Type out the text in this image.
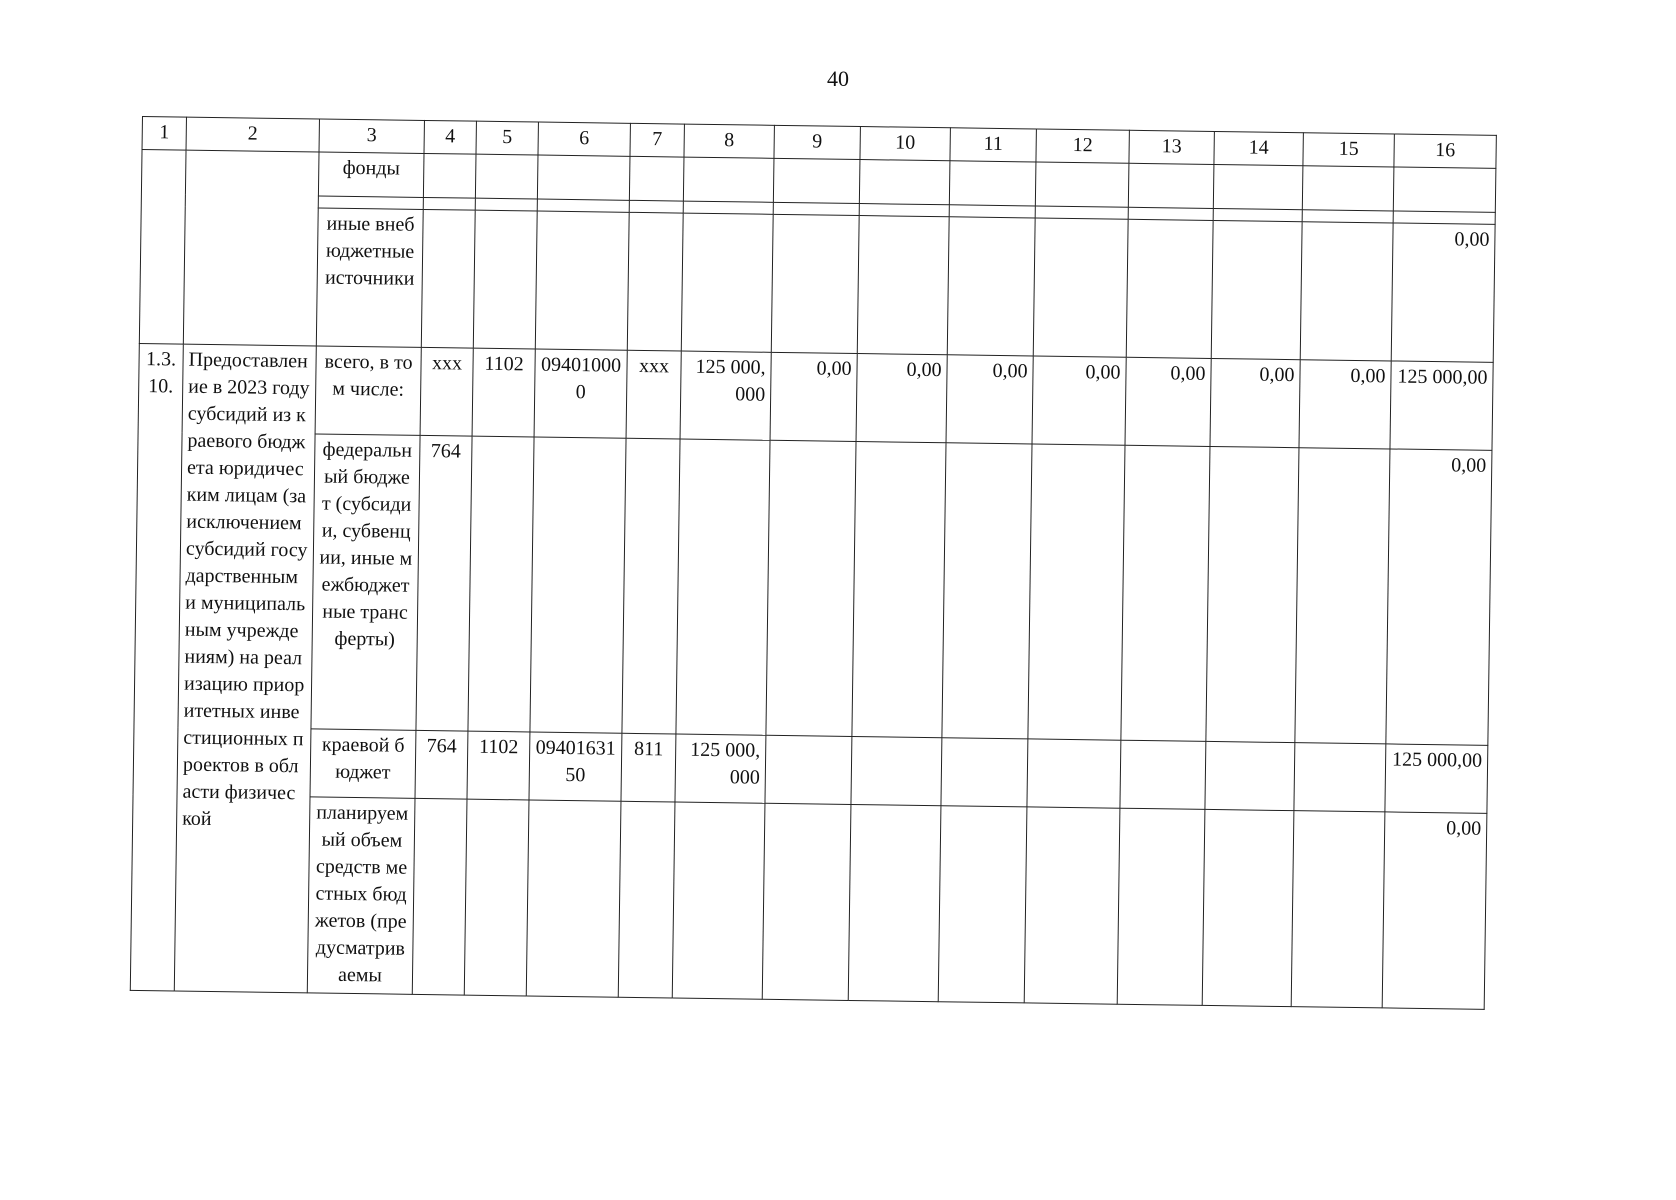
40
1	2	3	4	5	6	7	8	9	10	11	12	13	14	15	16
		фонды													

		иные внебюджетные источники													0,00
1.3.10.	Предоставление в 2023 году субсидий из краевого бюджета юридическим лицам (за исключением субсидий государственным и муниципальным учреждениям) на реализацию приоритетных инвестиционных проектов в области физической	всего, в том числе:	ххх	1102	094010000	ххх	125 000,000	0,00	0,00	0,00	0,00	0,00	0,00	0,00	125 000,00
		федеральный бюджет (субсидии, субвенции, иные межбюджетные трансферты)	764												0,00
		краевой бюджет	764	1102	0940163150	811	125 000,000								125 000,00
		планируемый объем средств местных бюджетов (предусматриваемы													0,00
